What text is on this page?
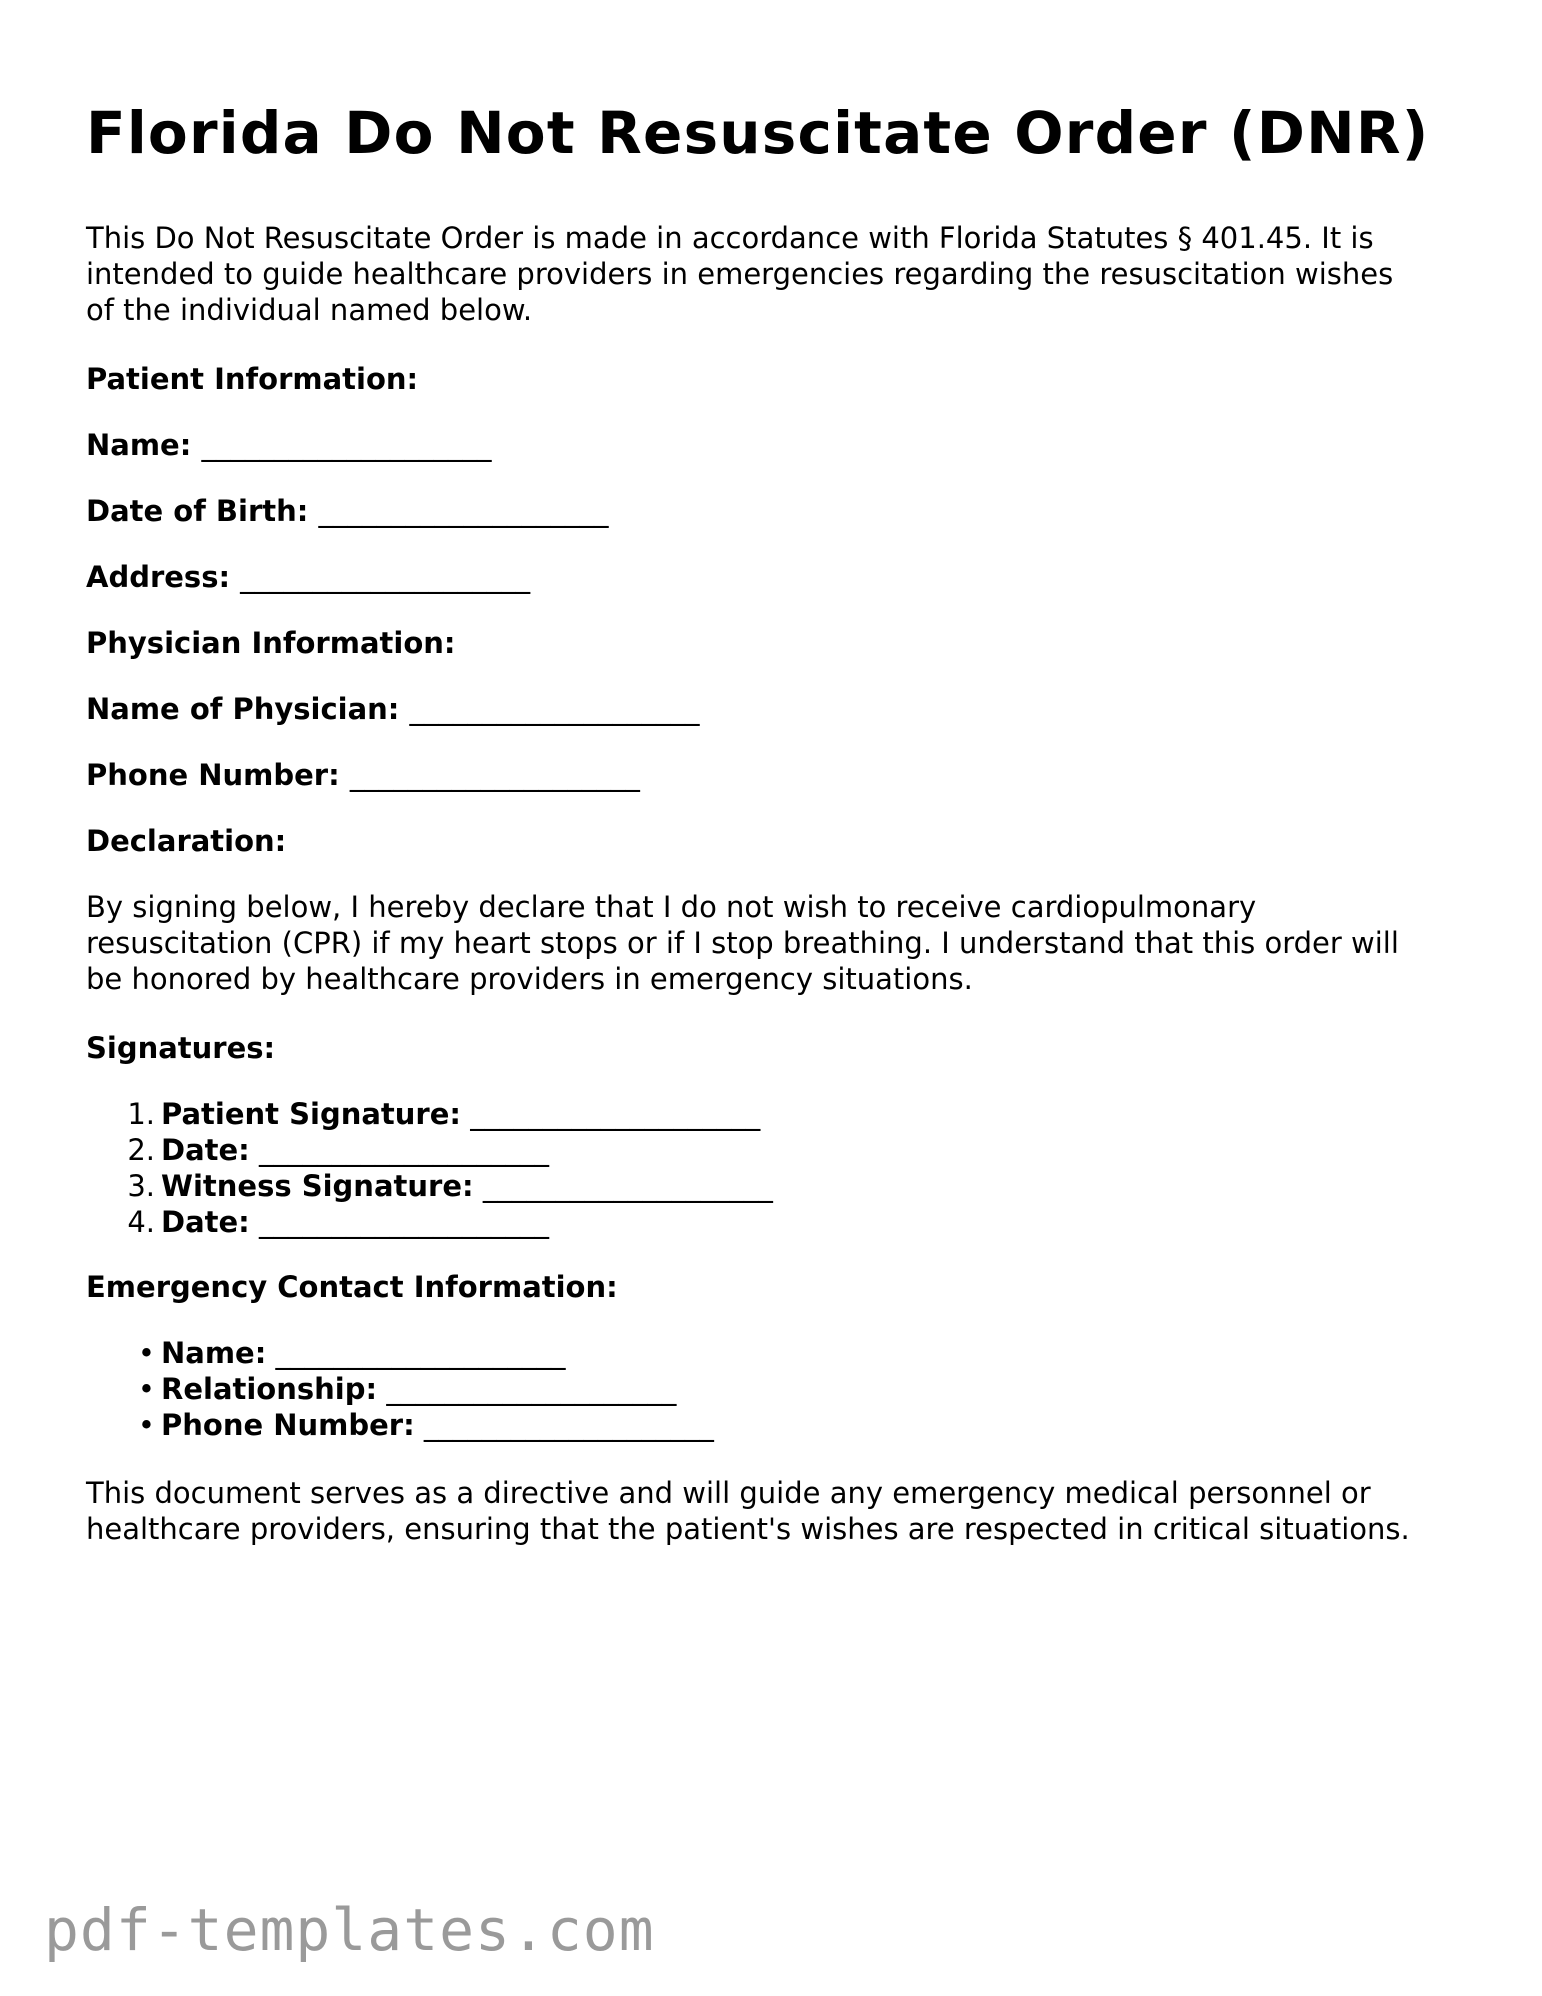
Florida Do Not Resuscitate Order (DNR)

This Do Not Resuscitate Order is made in accordance with Florida Statutes § 401.45. It is
intended to guide healthcare providers in emergencies regarding the resuscitation wishes
of the individual named below.

Patient Information:
Name: ____________________
Date of Birth: ____________________
Address: ____________________
Physician Information:
Name of Physician: ____________________
Phone Number: ____________________
Declaration:

By signing below, I hereby declare that I do not wish to receive cardiopulmonary
resuscitation (CPR) if my heart stops or if I stop breathing. I understand that this order will
be honored by healthcare providers in emergency situations.

Signatures:
1. Patient Signature: ____________________
2. Date: ____________________
3. Witness Signature: ____________________
4. Date: ____________________
Emergency Contact Information:
• Name: ____________________
• Relationship: ____________________
• Phone Number: ____________________

This document serves as a directive and will guide any emergency medical personnel or
healthcare providers, ensuring that the patient's wishes are respected in critical situations.

pdf-templates.com
